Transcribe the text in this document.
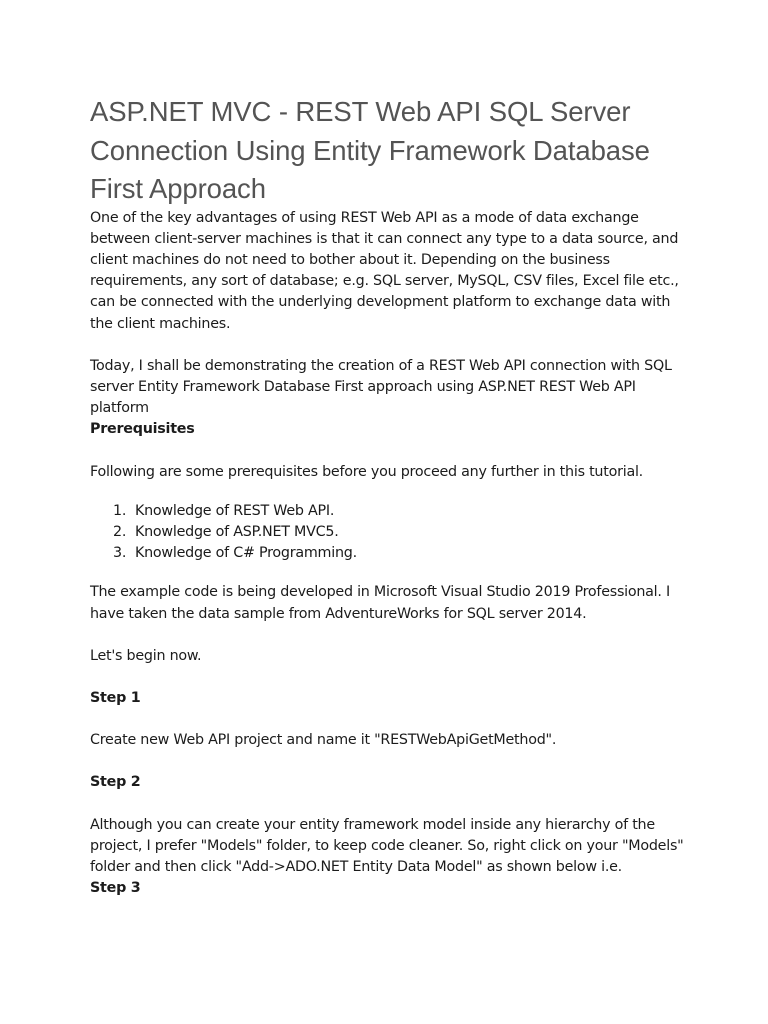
ASP.NET MVC - REST Web API SQL Server Connection Using Entity Framework Database First Approach

One of the key advantages of using REST Web API as a mode of data exchange between client-server machines is that it can connect any type to a data source, and client machines do not need to bother about it. Depending on the business requirements, any sort of database; e.g. SQL server, MySQL, CSV files, Excel file etc., can be connected with the underlying development platform to exchange data with the client machines.

Today, I shall be demonstrating the creation of a REST Web API connection with SQL server Entity Framework Database First approach using ASP.NET REST Web API platform

Prerequisites

Following are some prerequisites before you proceed any further in this tutorial.

1. Knowledge of REST Web API.
2. Knowledge of ASP.NET MVC5.
3. Knowledge of C# Programming.

The example code is being developed in Microsoft Visual Studio 2019 Professional. I have taken the data sample from AdventureWorks for SQL server 2014.

Let's begin now.

Step 1

Create new Web API project and name it "RESTWebApiGetMethod".

Step 2

Although you can create your entity framework model inside any hierarchy of the project, I prefer "Models" folder, to keep code cleaner. So, right click on your "Models" folder and then click "Add->ADO.NET Entity Data Model" as shown below i.e.

Step 3
